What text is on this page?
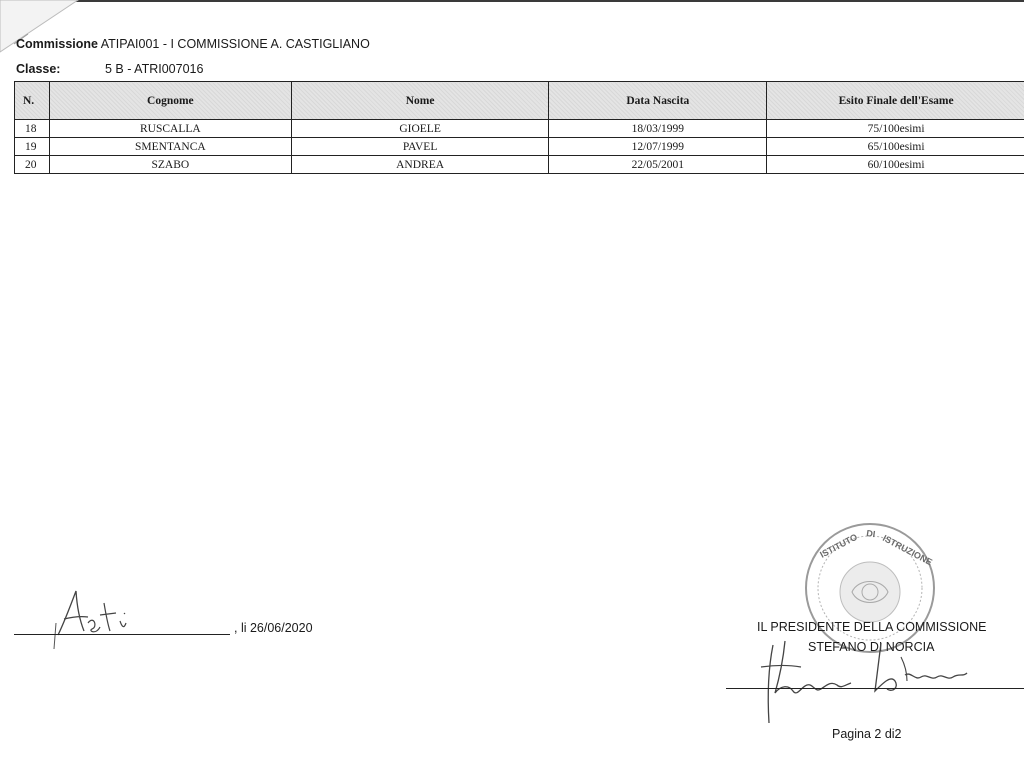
Commissione ATIPAI001 - I COMMISSIONE A. CASTIGLIANO
Classe:	5 B - ATRI007016
N.	Cognome	Nome	Data Nascita	Esito Finale dell'Esame
18	RUSCALLA	GIOELE	18/03/1999	75/100esimi
19	SMENTANCA	PAVEL	12/07/1999	65/100esimi
20	SZABO	ANDREA	22/05/2001	60/100esimi
, li 26/06/2020
ISTITUTO DI ISTRUZIONE
IL PRESIDENTE DELLA COMMISSIONE
STEFANO DI NORCIA
Pagina 2 di2
